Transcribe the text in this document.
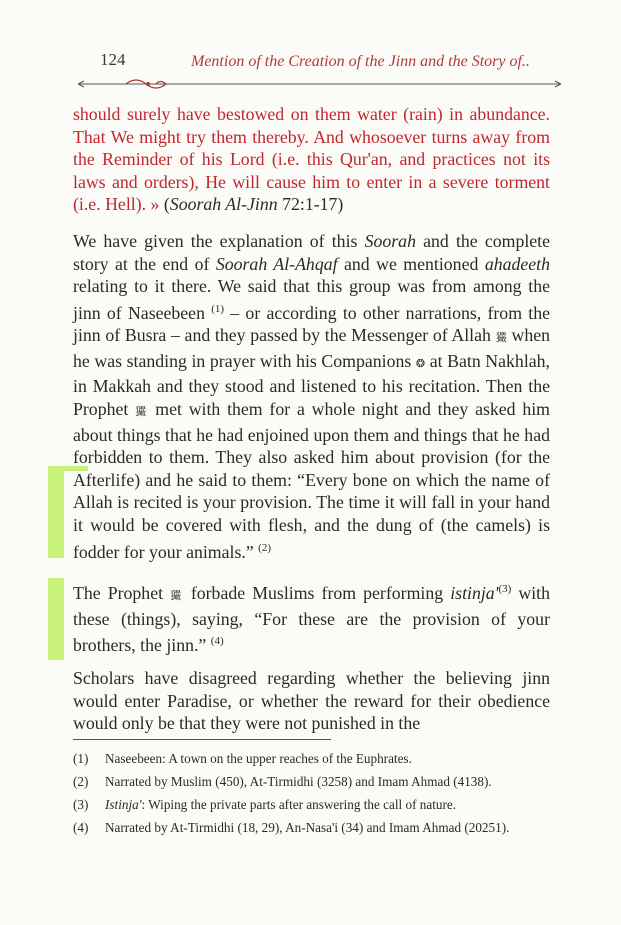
124	Mention of the Creation of the Jinn and the Story of..
should surely have bestowed on them water (rain) in abundance. That We might try them thereby. And whosoever turns away from the Reminder of his Lord (i.e. this Qur'an, and practices not its laws and orders), He will cause him to enter in a severe torment (i.e. Hell). » (Soorah Al-Jinn 72:1-17)
We have given the explanation of this Soorah and the complete story at the end of Soorah Al-Ahqaf and we mentioned ahadeeth relating to it there. We said that this group was from among the jinn of Naseebeen $^{(1)}$ – or according to other narrations, from the jinn of Busra – and they passed by the Messenger of Allah 玁 when he was standing in prayer with his Companions ❂ at Batn Nakhlah, in Makkah and they stood and listened to his recitation. Then the Prophet 玁 met with them for a whole night and they asked him about things that he had enjoined upon them and things that he had forbidden to them. They also asked him about provision (for the Afterlife) and he said to them: “Every bone on which the name of Allah is recited is your provision. The time it will fall in your hand it would be covered with flesh, and the dung of (the camels) is fodder for your animals.” $^{(2)}$
The Prophet 玁 forbade Muslims from performing $istinja'^{(3)}$ with these (things), saying, “For these are the provision of your brothers, the jinn.” $^{(4)}$
Scholars have disagreed regarding whether the believing jinn would enter Paradise, or whether the reward for their obedience would only be that they were not punished in the
(1)	Naseebeen: A town on the upper reaches of the Euphrates.
(2)	Narrated by Muslim (450), At-Tirmidhi (3258) and Imam Ahmad (4138).
(3)	Istinja': Wiping the private parts after answering the call of nature.
(4)	Narrated by At-Tirmidhi (18, 29), An-Nasa'i (34) and Imam Ahmad (20251).
